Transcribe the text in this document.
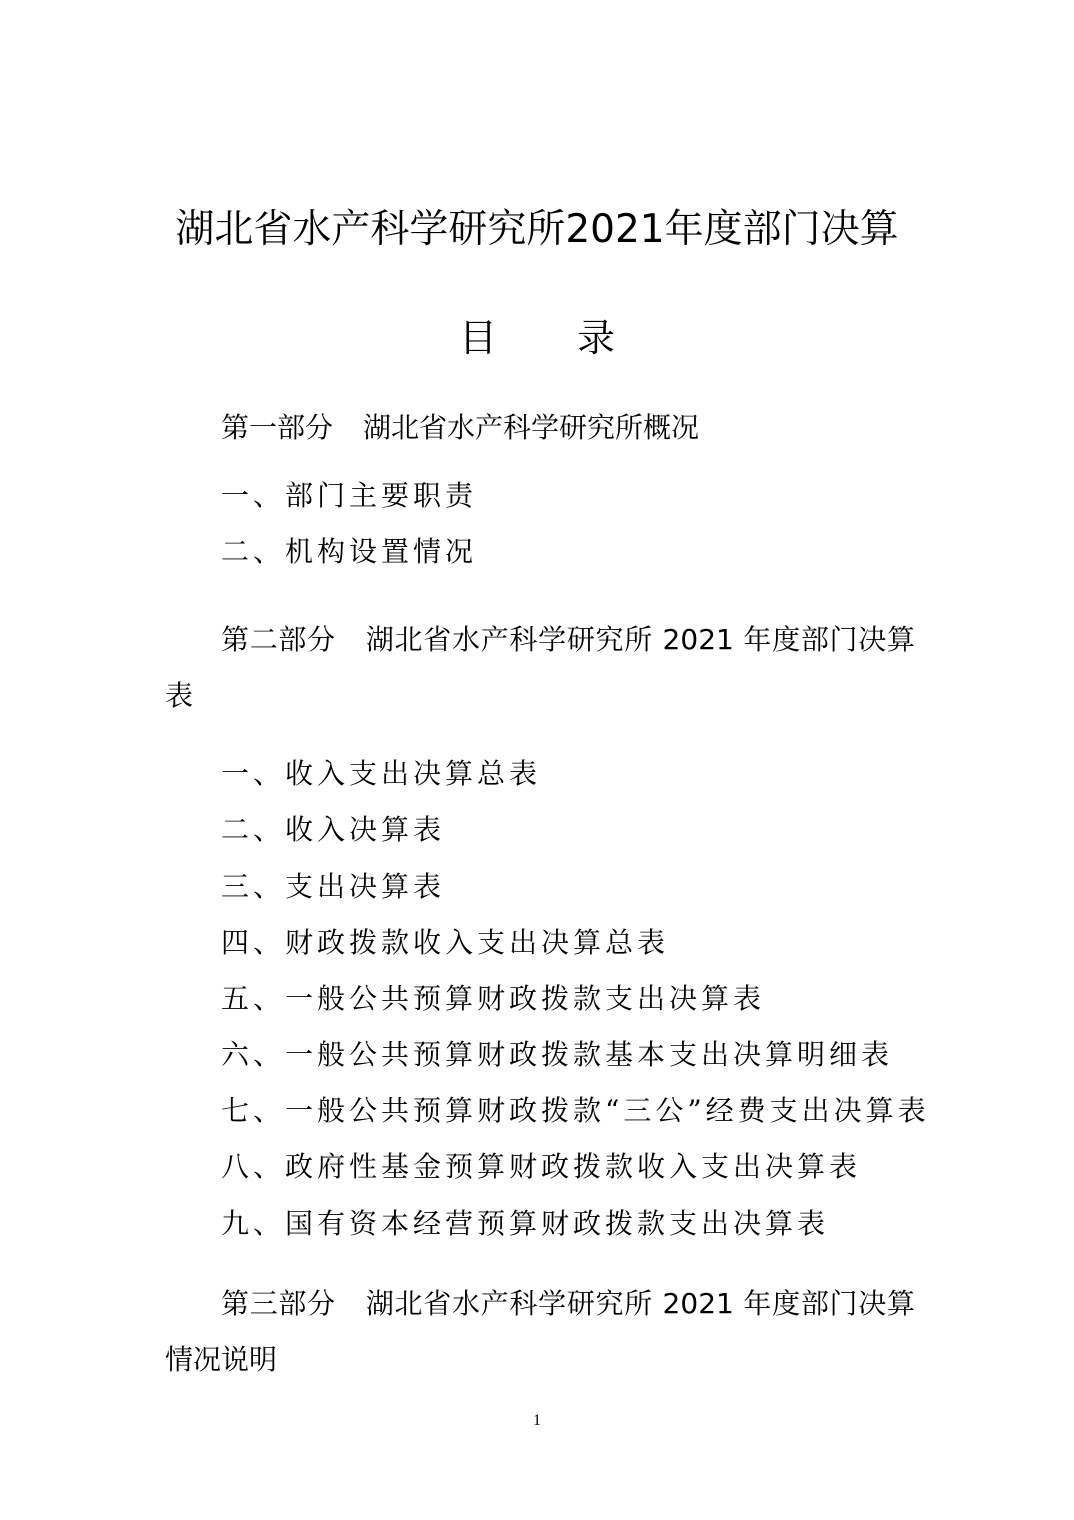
湖北省水产科学研究所2021年度部门决算
目录
第一部分 湖北省水产科学研究所概况
一、部门主要职责
二、机构设置情况
第二部分 湖北省水产科学研究所 2021 年度部门决算表
一、收入支出决算总表
二、收入决算表
三、支出决算表
四、财政拨款收入支出决算总表
五、一般公共预算财政拨款支出决算表
六、一般公共预算财政拨款基本支出决算明细表
七、一般公共预算财政拨款“三公”经费支出决算表
八、政府性基金预算财政拨款收入支出决算表
九、国有资本经营预算财政拨款支出决算表
第三部分 湖北省水产科学研究所 2021 年度部门决算情况说明
1
